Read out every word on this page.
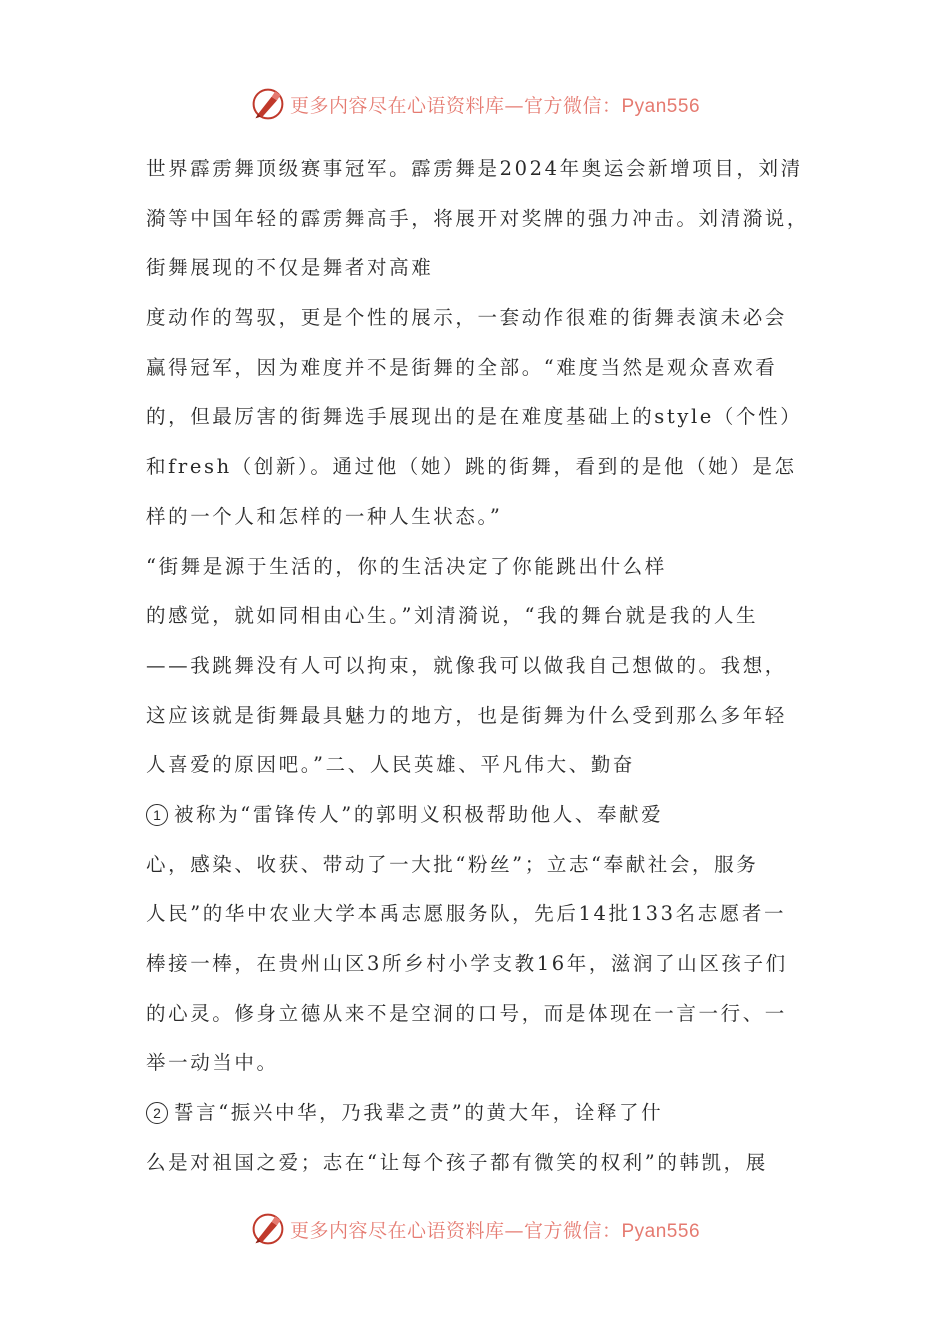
更多内容尽在心语资料库—官方微信：Pyan556
世界霹雳舞顶级赛事冠军。霹雳舞是2024年奥运会新增项目，刘清
漪等中国年轻的霹雳舞高手，将展开对奖牌的强力冲击。刘清漪说，
街舞展现的不仅是舞者对高难
度动作的驾驭，更是个性的展示，一套动作很难的街舞表演未必会
赢得冠军，因为难度并不是街舞的全部。“难度当然是观众喜欢看
的，但最厉害的街舞选手展现出的是在难度基础上的style（个性）
和fresh（创新）。通过他（她）跳的街舞，看到的是他（她）是怎
样的一个人和怎样的一种人生状态。”
“街舞是源于生活的，你的生活决定了你能跳出什么样
的感觉，就如同相由心生。”刘清漪说，“我的舞台就是我的人生
——我跳舞没有人可以拘束，就像我可以做我自己想做的。我想，
这应该就是街舞最具魅力的地方，也是街舞为什么受到那么多年轻
人喜爱的原因吧。”二、人民英雄、平凡伟大、勤奋
1 被称为“雷锋传人”的郭明义积极帮助他人、奉献爱
心，感染、收获、带动了一大批“粉丝”；立志“奉献社会，服务
人民”的华中农业大学本禹志愿服务队，先后14批133名志愿者一
棒接一棒，在贵州山区3所乡村小学支教16年，滋润了山区孩子们
的心灵。修身立德从来不是空洞的口号，而是体现在一言一行、一
举一动当中。
2 誓言“振兴中华，乃我辈之责”的黄大年，诠释了什
么是对祖国之爱；志在“让每个孩子都有微笑的权利”的韩凯，展
更多内容尽在心语资料库—官方微信：Pyan556
